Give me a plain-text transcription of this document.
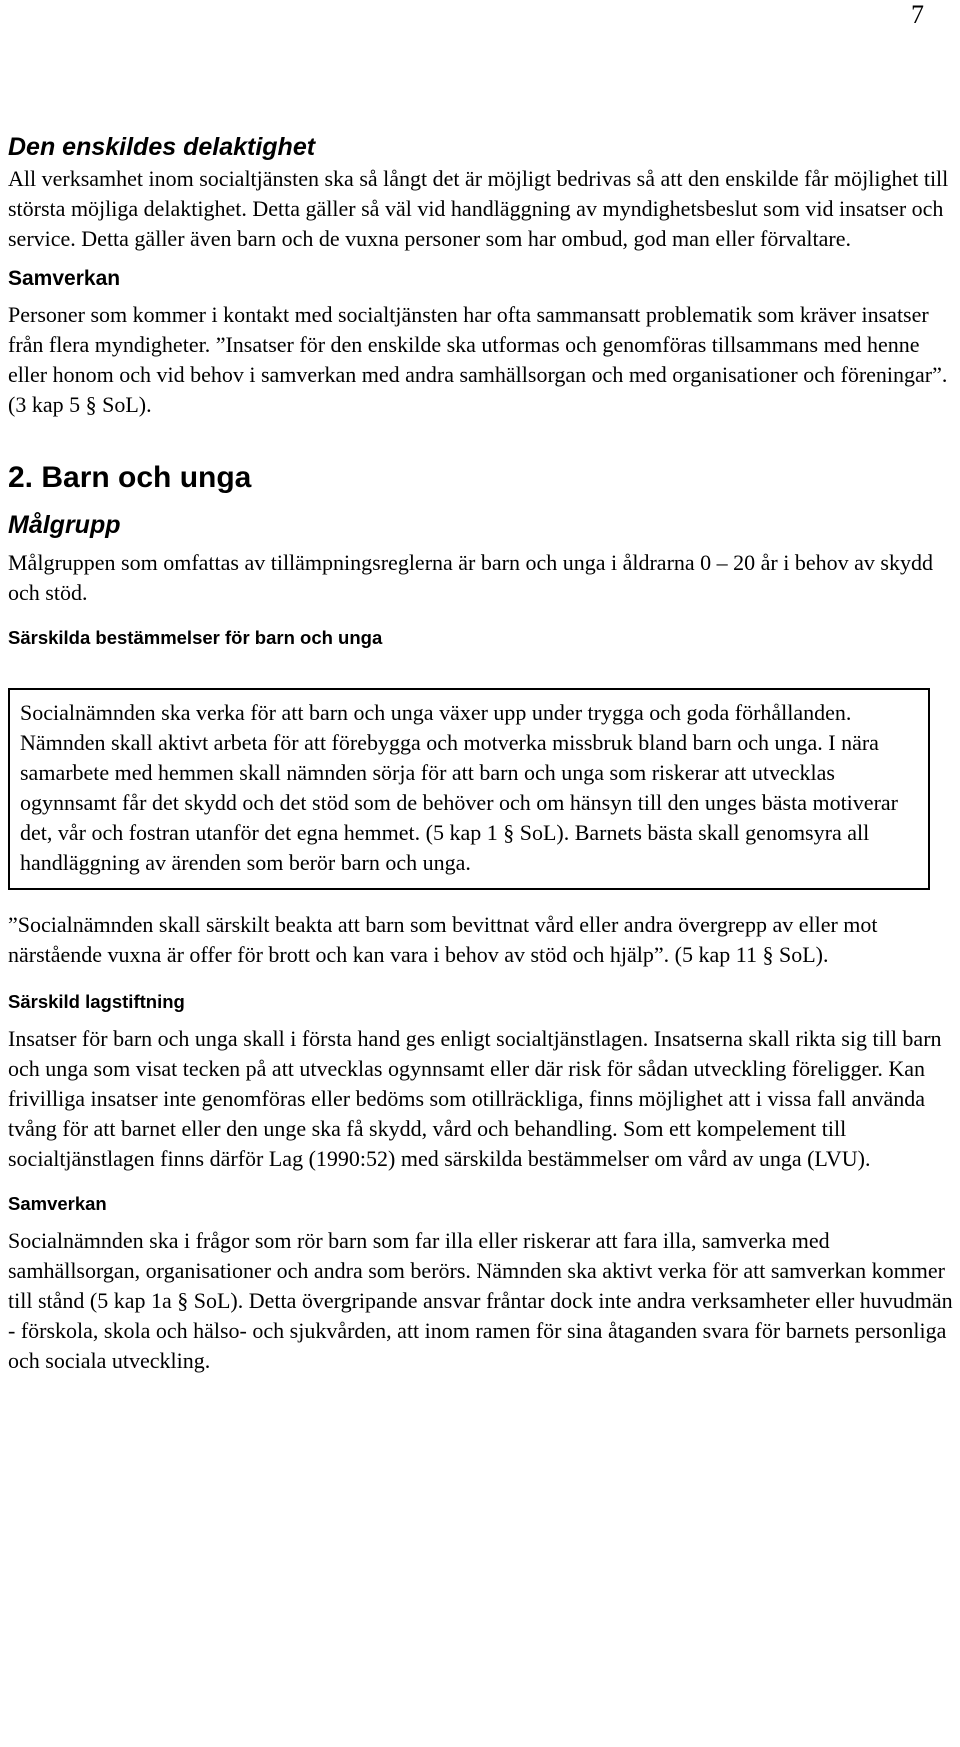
7
Den enskildes delaktighet

All verksamhet inom socialtjänsten ska så långt det är möjligt bedrivas så att den enskilde får möjlighet till största möjliga delaktighet. Detta gäller så väl vid handläggning av myndighetsbeslut som vid insatser och service. Detta gäller även barn och de vuxna personer som har ombud, god man eller förvaltare.

Samverkan

Personer som kommer i kontakt med socialtjänsten har ofta sammansatt problematik som kräver insatser från flera myndigheter. ”Insatser för den enskilde ska utformas och genomföras tillsammans med henne eller honom och vid behov i samverkan med andra samhällsorgan och med organisationer och föreningar”. (3 kap 5 § SoL).

2. Barn och unga
Målgrupp

Målgruppen som omfattas av tillämpningsreglerna är barn och unga i åldrarna 0 – 20 år i behov av skydd och stöd.

Särskilda bestämmelser för barn och unga

Socialnämnden ska verka för att barn och unga växer upp under trygga och goda förhållanden. Nämnden skall aktivt arbeta för att förebygga och motverka missbruk bland barn och unga. I nära samarbete med hemmen skall nämnden sörja för att barn och unga som riskerar att utvecklas ogynnsamt får det skydd och det stöd som de behöver och om hänsyn till den unges bästa motiverar det, vår och fostran utanför det egna hemmet. (5 kap 1 § SoL). Barnets bästa skall genomsyra all handläggning av ärenden som berör barn och unga.

”Socialnämnden skall särskilt beakta att barn som bevittnat vård eller andra övergrepp av eller mot närstående vuxna är offer för brott och kan vara i behov av stöd och hjälp”. (5 kap 11 § SoL).

Särskild lagstiftning

Insatser för barn och unga skall i första hand ges enligt socialtjänstlagen. Insatserna skall rikta sig till barn och unga som visat tecken på att utvecklas ogynnsamt eller där risk för sådan utveckling föreligger. Kan frivilliga insatser inte genomföras eller bedöms som otillräckliga, finns möjlighet att i vissa fall använda tvång för att barnet eller den unge ska få skydd, vård och behandling. Som ett kompelement till socialtjänstlagen finns därför Lag (1990:52) med särskilda bestämmelser om vård av unga (LVU).

Samverkan

Socialnämnden ska i frågor som rör barn som far illa eller riskerar att fara illa, samverka med samhällsorgan, organisationer och andra som berörs. Nämnden ska aktivt verka för att samverkan kommer till stånd (5 kap 1a § SoL). Detta övergripande ansvar fråntar dock inte andra verksamheter eller huvudmän - förskola, skola och hälso- och sjukvården, att inom ramen för sina åtaganden svara för barnets personliga och sociala utveckling.
